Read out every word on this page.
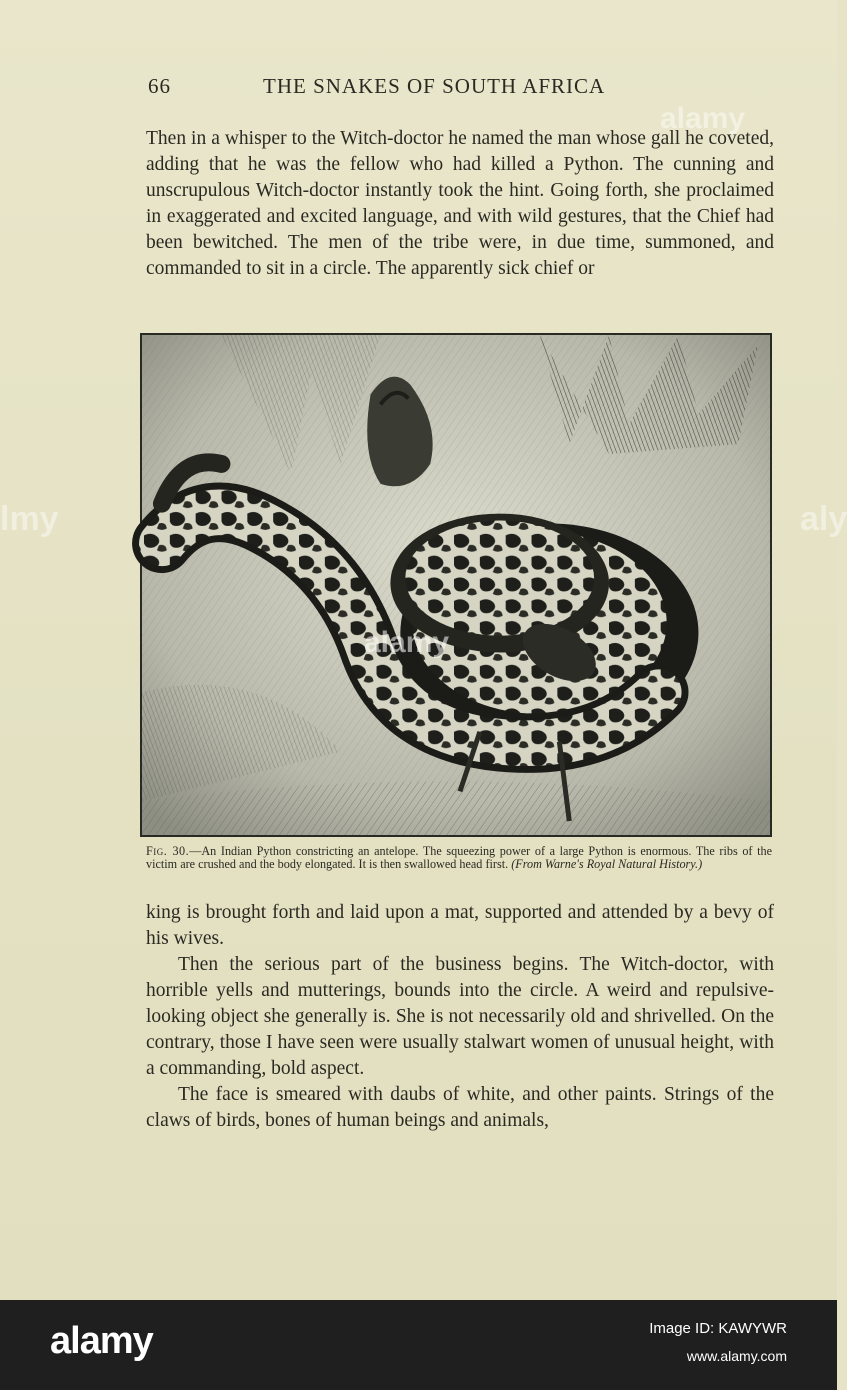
66	THE SNAKES OF SOUTH AFRICA

Then in a whisper to the Witch-doctor he named the man whose gall he coveted, adding that he was the fellow who had killed a Python. The cunning and unscrupulous Witch-doctor instantly took the hint. Going forth, she proclaimed in exaggerated and excited language, and with wild gestures, that the Chief had been bewitched. The men of the tribe were, in due time, summoned, and commanded to sit in a circle. The apparently sick chief or

Fig. 30.—An Indian Python constricting an antelope. The squeezing power of a large Python is enormous. The ribs of the victim are crushed and the body elongated. It is then swallowed head first. (From Warne's Royal Natural History.)

king is brought forth and laid upon a mat, supported and attended by a bevy of his wives.

Then the serious part of the business begins. The Witch-doctor, with horrible yells and mutterings, bounds into the circle. A weird and repulsive-looking object she generally is. She is not necessarily old and shrivelled. On the contrary, those I have seen were usually stalwart women of unusual height, with a commanding, bold aspect.

The face is smeared with daubs of white, and other paints. Strings of the claws of birds, bones of human beings and animals,

alamy
alamy
lmy	aly
alamy	Image ID: KAWYWR
www.alamy.com
